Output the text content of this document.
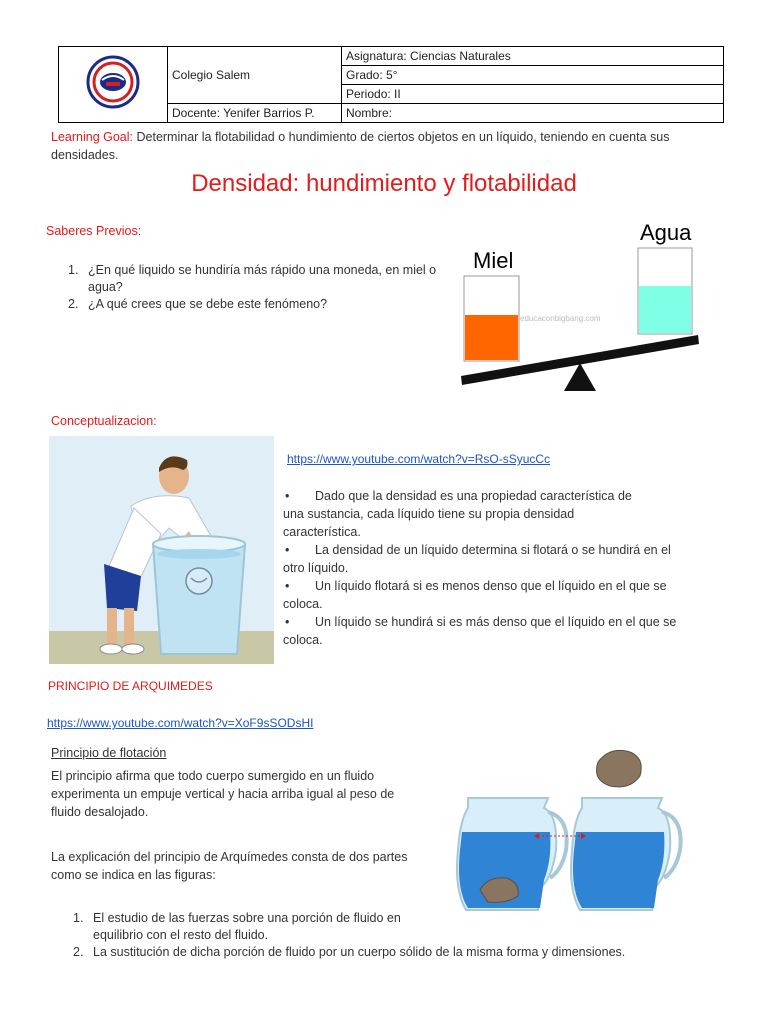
	Colegio Salem	Asignatura: Ciencias Naturales
		Grado: 5°
		Periodo: II
	Docente: Yenifer Barrios P.	Nombre:
Learning Goal: Determinar la flotabilidad o hundimiento de ciertos objetos en un líquido, teniendo en cuenta sus densidades.
Densidad: hundimiento y flotabilidad
Saberes Previos:
1. ¿En qué liquido se hundiría más rápido una moneda, en miel o agua?
2. ¿A qué crees que se debe este fenómeno?
Miel
Agua
educaconbigbang.com
Conceptualizacion:
https://www.youtube.com/watch?v=RsO-sSyucCc

• Dado que la densidad es una propiedad característica de

una sustancia, cada líquido tiene su propia densidad

característica.

• La densidad de un líquido determina si flotará o se hundirá en el

otro líquido.

• Un líquido flotará si es menos denso que el líquido en el que se

coloca.

• Un líquido se hundirá si es más denso que el líquido en el que se

coloca.

PRINCIPIO DE ARQUIMEDES
https://www.youtube.com/watch?v=XoF9sSODsHI
Principio de flotación
El principio afirma que todo cuerpo sumergido en un fluido experimenta un empuje vertical y hacia arriba igual al peso de fluido desalojado.
La explicación del principio de Arquímedes consta de dos partes como se indica en las figuras:
1. El estudio de las fuerzas sobre una porción de fluido en equilibrio con el resto del fluido.
2. La sustitución de dicha porción de fluido por un cuerpo sólido de la misma forma y dimensiones.
